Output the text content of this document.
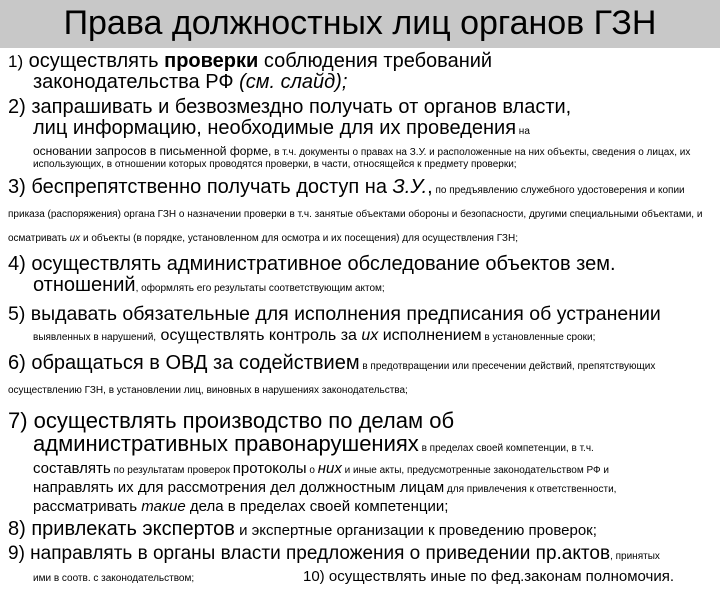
Права должностных лиц органов ГЗН
1) осуществлять проверки соблюдения требований
законодательства РФ (см. слайд);
2) запрашивать и безвозмездно получать от органов власти,
лиц информацию, необходимые для их проведения на
основании запросов в письменной форме, в т.ч. документы о правах на З.У. и расположенные на них объекты, сведения о лицах, их использующих, в отношении которых проводятся проверки, в части, относящейся к предмету проверки;
3) беспрепятственно получать доступ на З.У., по предъявлению служебного удостоверения и копии приказа (распоряжения) органа ГЗН о назначении проверки в т.ч. занятые объектами обороны и безопасности, другими специальными объектами, и осматривать их и объекты (в порядке, установленном для осмотра и их посещения) для осуществления ГЗН;
4) осуществлять административное обследование объектов зем.
отношений, оформлять его результаты соответствующим актом;
5) выдавать обязательные для исполнения предписания об устранении
выявленных в нарушений, осуществлять контроль за их исполнением в установленные сроки;
6) обращаться в ОВД за содействием в предотвращении или пресечении действий, препятствующих осуществлению ГЗН, в установлении лиц, виновных в нарушениях законодательства;
7) осуществлять производство по делам об
административных правонарушениях в пределах своей компетенции, в т.ч.
составлять по результатам проверок протоколы о них и иные акты, предусмотренные законодательством РФ и
направлять их для рассмотрения дел должностным лицам для привлечения к ответственности,
рассматривать такие дела в пределах своей компетенции;
8) привлекать экспертов и экспертные организации к проведению проверок;
9) направлять в органы власти предложения о приведении пр.актов, принятых
ими в соотв. с законодательством;	10) осуществлять иные по фед.законам полномочия.
